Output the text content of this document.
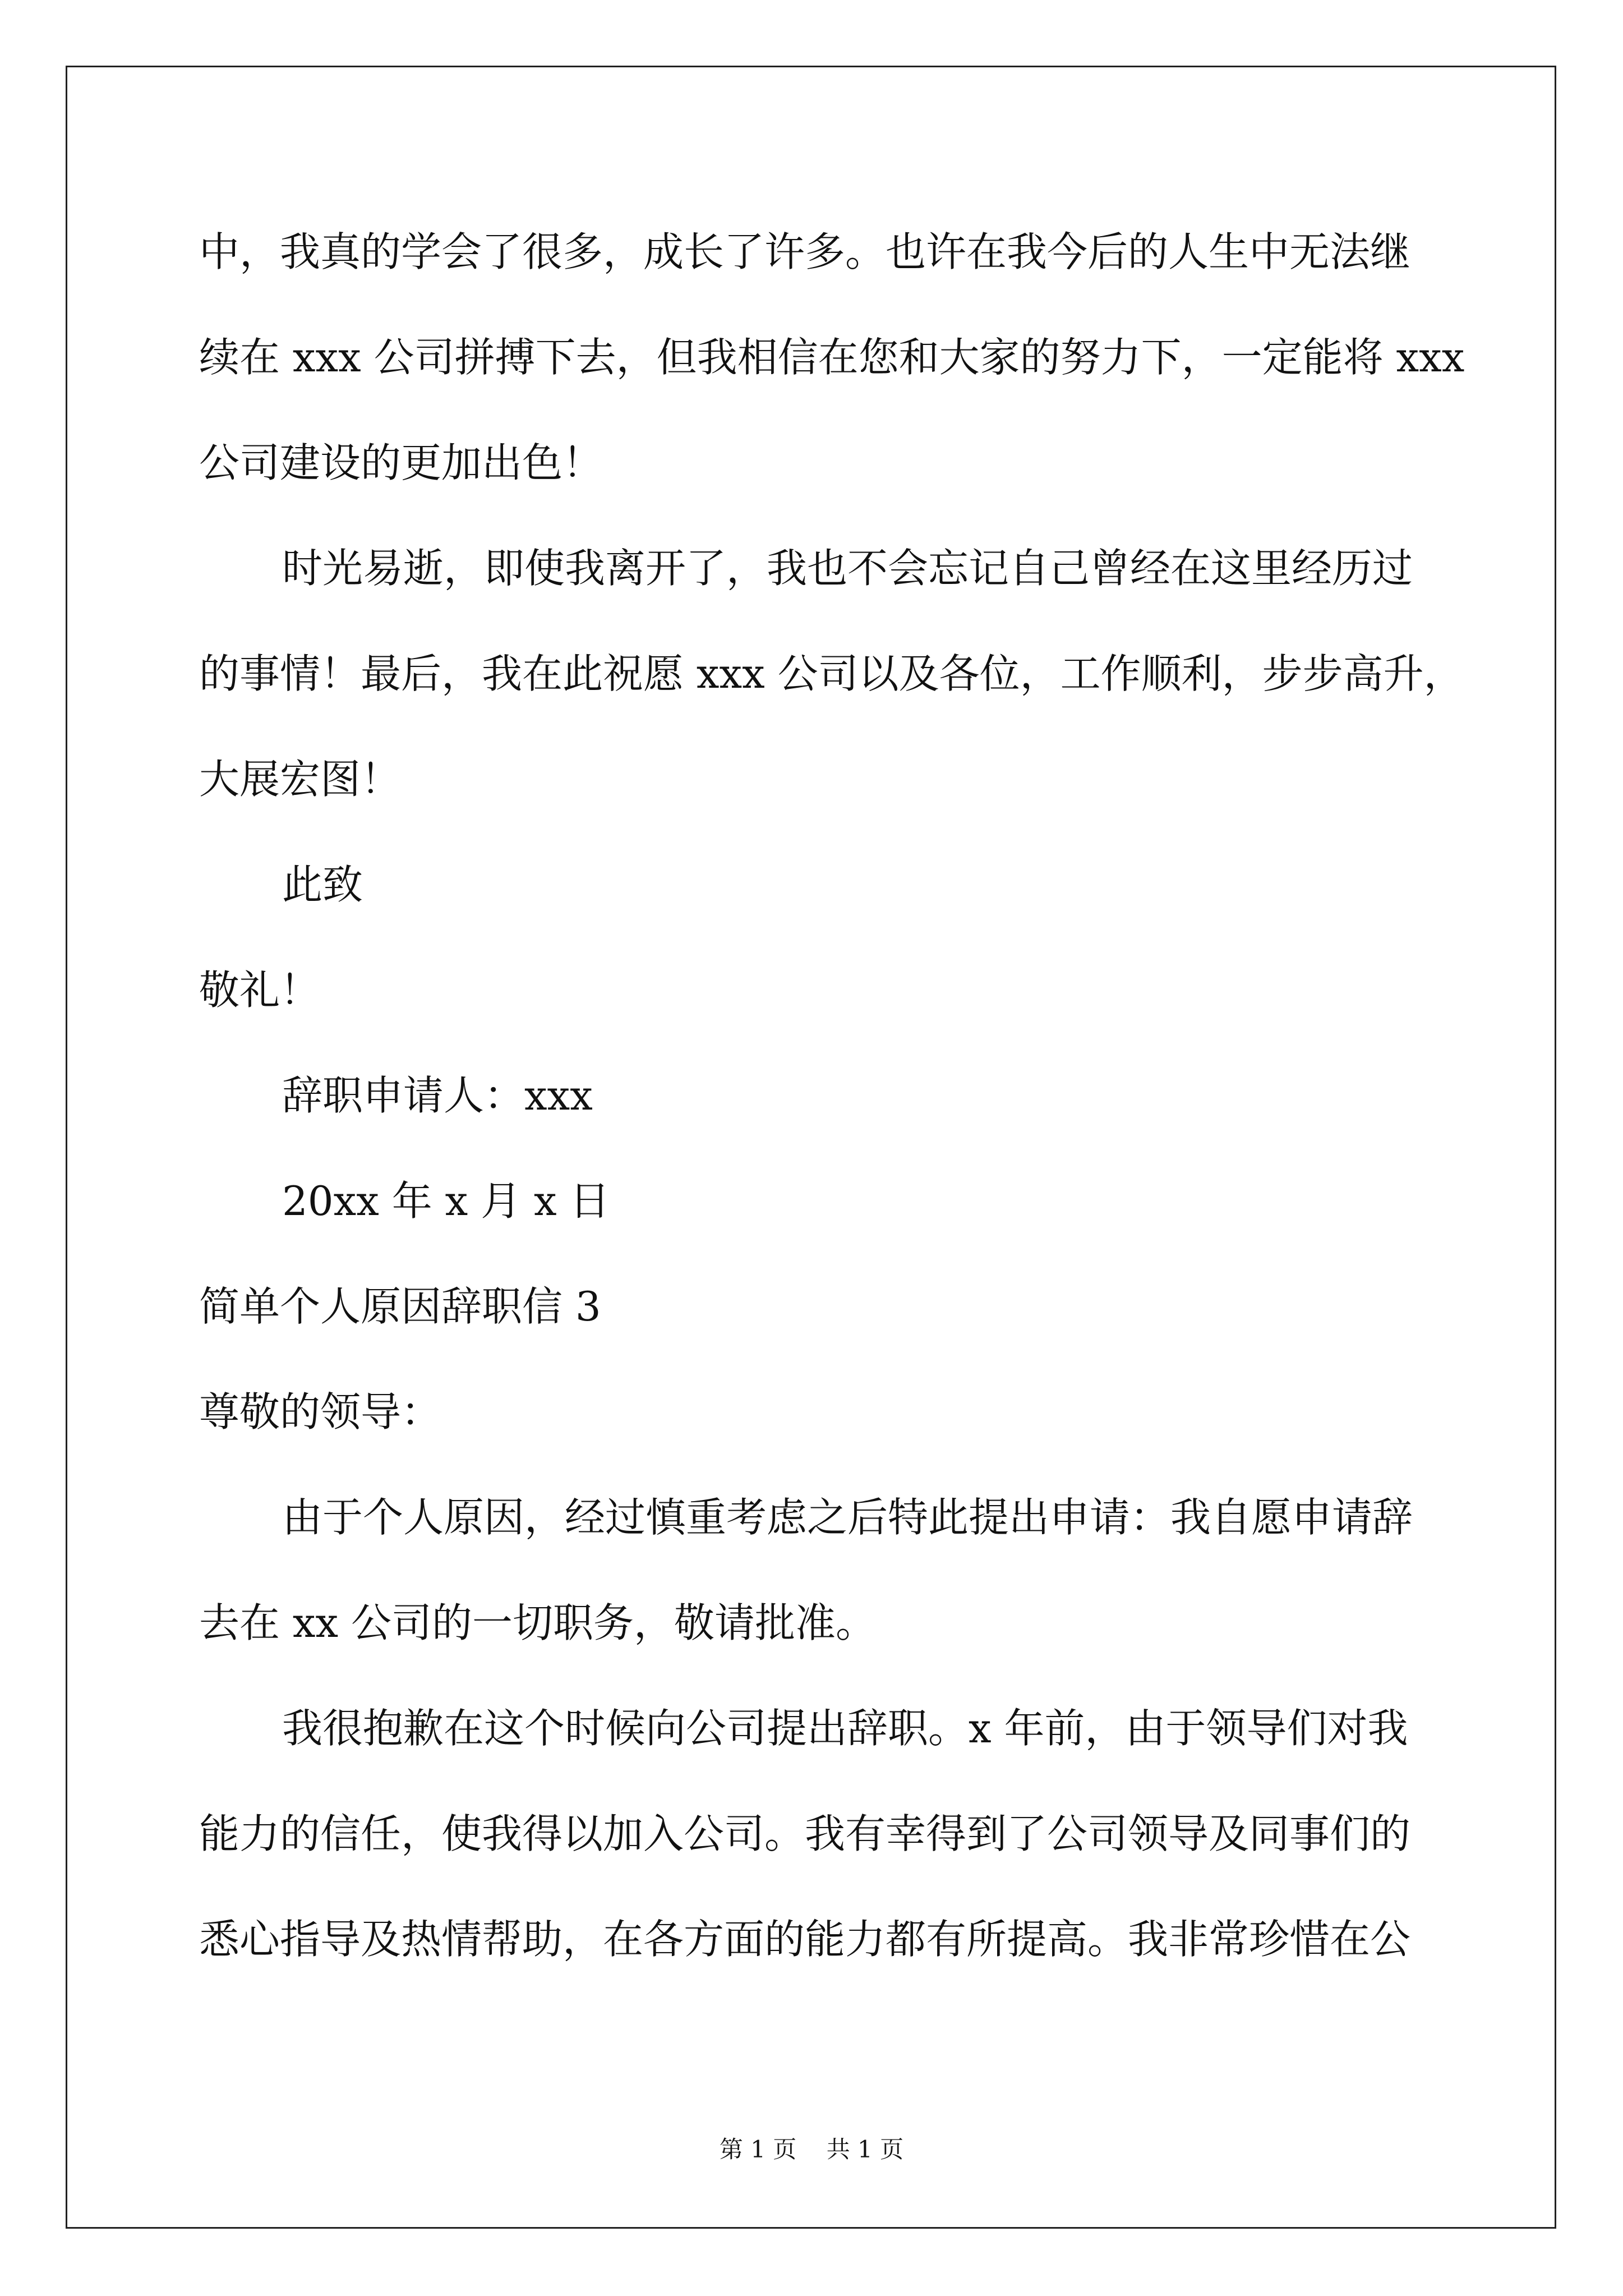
中，我真的学会了很多，成长了许多。也许在我今后的人生中无法继
续在 xxx 公司拼搏下去，但我相信在您和大家的努力下，一定能将 xxx
公司建设的更加出色！
时光易逝，即使我离开了，我也不会忘记自己曾经在这里经历过
的事情！最后，我在此祝愿 xxx 公司以及各位，工作顺利，步步高升，
大展宏图！
此致
敬礼！
辞职申请人：xxx
20xx 年 x 月 x 日
简单个人原因辞职信 3
尊敬的领导：
由于个人原因，经过慎重考虑之后特此提出申请：我自愿申请辞
去在 xx 公司的一切职务，敬请批准。
我很抱歉在这个时候向公司提出辞职。x 年前，由于领导们对我
能力的信任，使我得以加入公司。我有幸得到了公司领导及同事们的
悉心指导及热情帮助，在各方面的能力都有所提高。我非常珍惜在公
第 1 页    共 1 页
